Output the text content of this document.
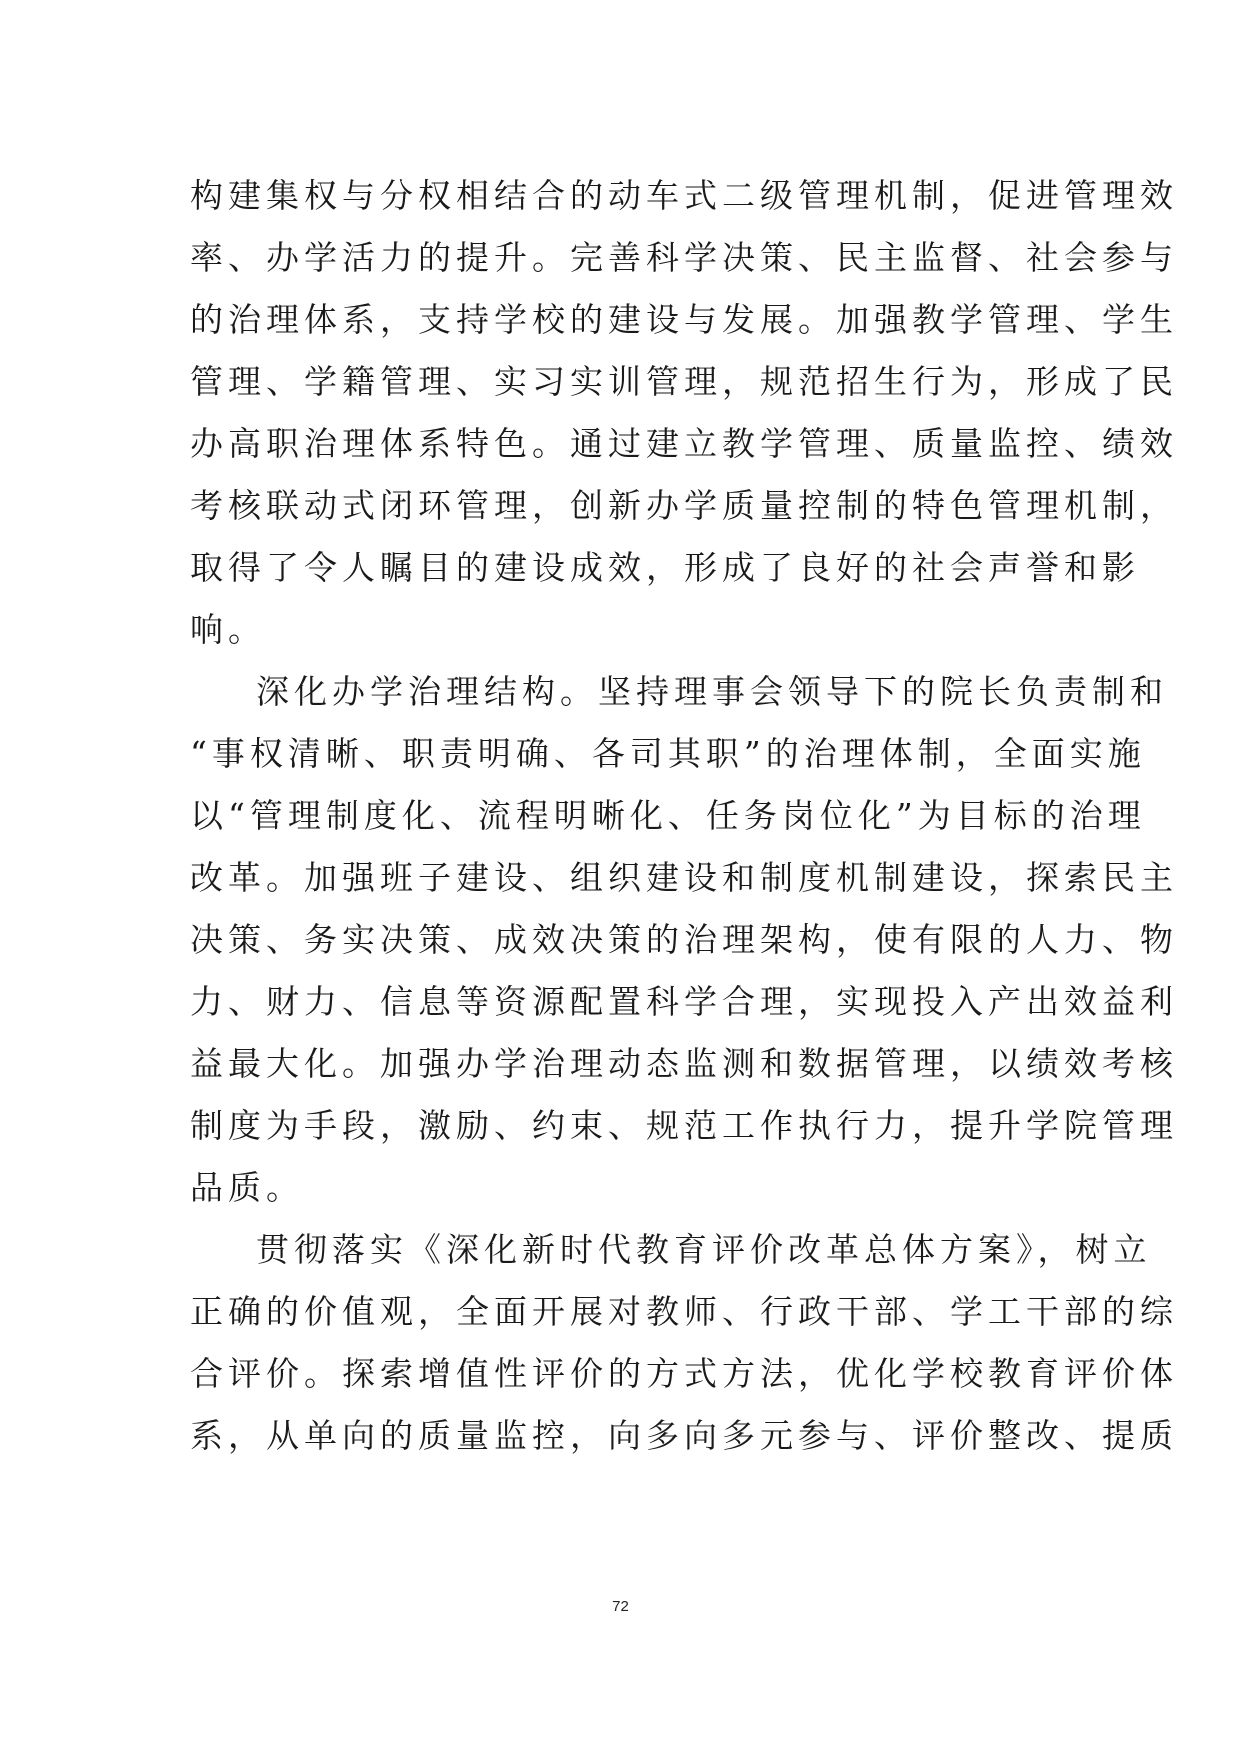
构建集权与分权相结合的动车式二级管理机制，促进管理效
率、办学活力的提升。完善科学决策、民主监督、社会参与
的治理体系，支持学校的建设与发展。加强教学管理、学生
管理、学籍管理、实习实训管理，规范招生行为，形成了民
办高职治理体系特色。通过建立教学管理、质量监控、绩效
考核联动式闭环管理，创新办学质量控制的特色管理机制，
取得了令人瞩目的建设成效，形成了良好的社会声誉和影
响。
深化办学治理结构。坚持理事会领导下的院长负责制和
“事权清晰、职责明确、各司其职”的治理体制，全面实施
以“管理制度化、流程明晰化、任务岗位化”为目标的治理
改革。加强班子建设、组织建设和制度机制建设，探索民主
决策、务实决策、成效决策的治理架构，使有限的人力、物
力、财力、信息等资源配置科学合理，实现投入产出效益利
益最大化。加强办学治理动态监测和数据管理，以绩效考核
制度为手段，激励、约束、规范工作执行力，提升学院管理
品质。
贯彻落实《深化新时代教育评价改革总体方案》，树立
正确的价值观，全面开展对教师、行政干部、学工干部的综
合评价。探索增值性评价的方式方法，优化学校教育评价体
系，从单向的质量监控，向多向多元参与、评价整改、提质
72
